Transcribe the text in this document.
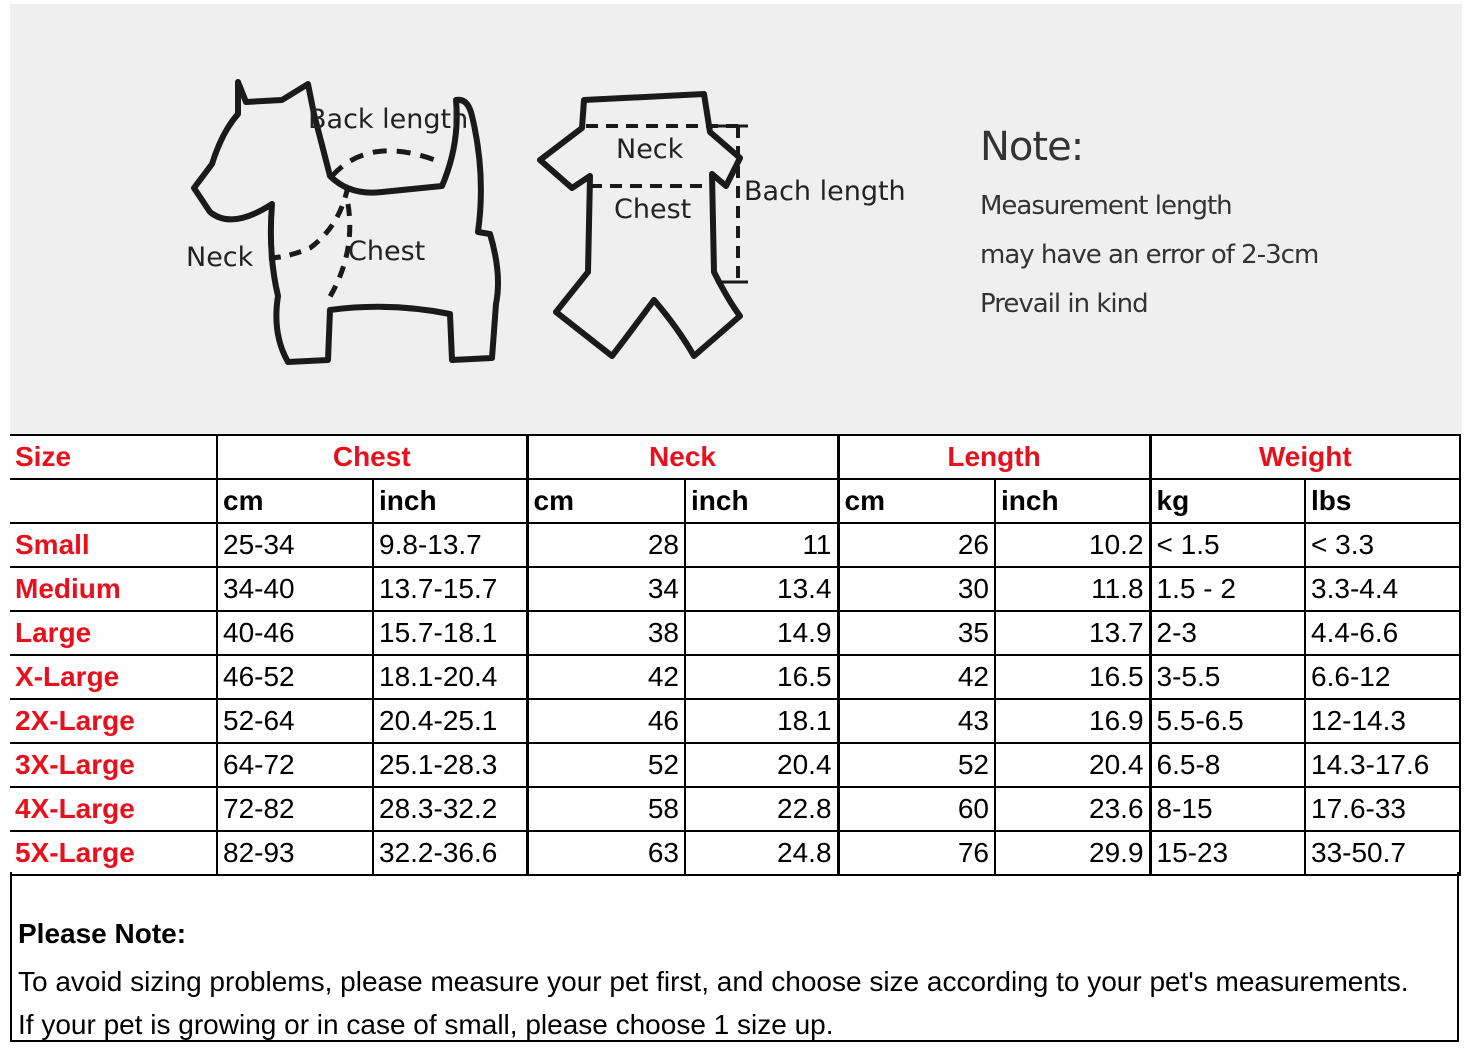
Back length
Neck	Chest
Neck
Chest
Bach length
Note:
Measurement length
may have an error of 2-3cm
Prevail in kind
Size	Chest		Neck		Length		Weight	
	cm	inch	cm	inch	cm	inch	kg	lbs
Small	25-34	9.8-13.7	28	11	26	10.2	< 1.5	< 3.3
Medium	34-40	13.7-15.7	34	13.4	30	11.8	1.5 - 2	3.3-4.4
Large	40-46	15.7-18.1	38	14.9	35	13.7	2-3	4.4-6.6
X-Large	46-52	18.1-20.4	42	16.5	42	16.5	3-5.5	6.6-12
2X-Large	52-64	20.4-25.1	46	18.1	43	16.9	5.5-6.5	12-14.3
3X-Large	64-72	25.1-28.3	52	20.4	52	20.4	6.5-8	14.3-17.6
4X-Large	72-82	28.3-32.2	58	22.8	60	23.6	8-15	17.6-33
5X-Large	82-93	32.2-36.6	63	24.8	76	29.9	15-23	33-50.7
Please Note:
To avoid sizing problems, please measure your pet first, and choose size according to your pet's measurements. If your pet is growing or in case of small, please choose 1 size up.
